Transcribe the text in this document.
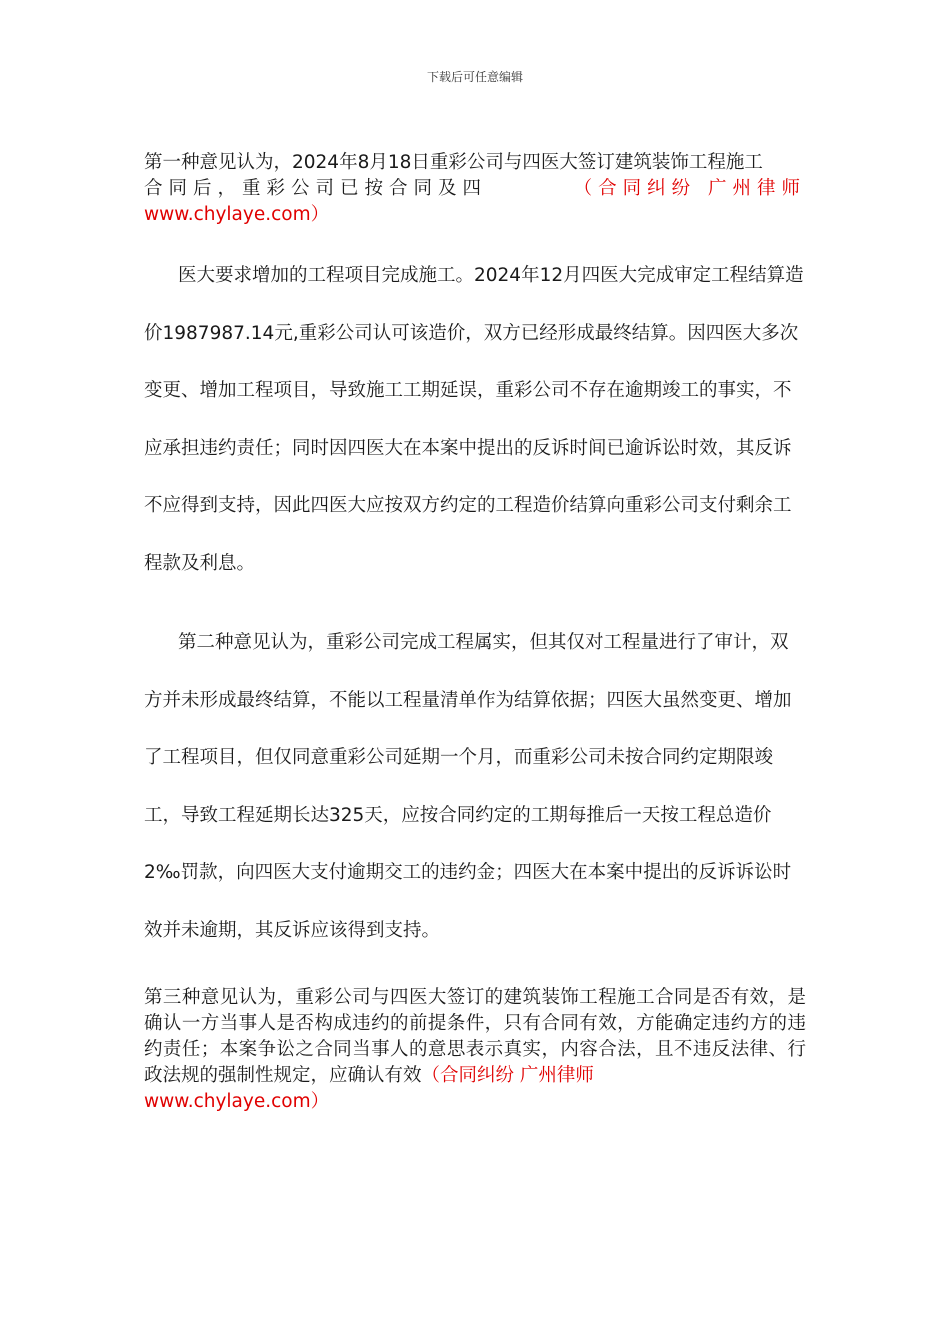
下载后可任意编辑
第一种意见认为，2024年8月18日重彩公司与四医大签订建筑装饰工程施工
合同后，重彩公司已按合同及四	（合同纠纷 广州律师
www.chylaye.com）
医大要求增加的工程项目完成施工。2024年12月四医大完成审定工程结算造价1987987.14元,重彩公司认可该造价，双方已经形成最终结算。因四医大多次变更、增加工程项目，导致施工工期延误，重彩公司不存在逾期竣工的事实，不应承担违约责任；同时因四医大在本案中提出的反诉时间已逾诉讼时效，其反诉不应得到支持，因此四医大应按双方约定的工程造价结算向重彩公司支付剩余工程款及利息。
第二种意见认为，重彩公司完成工程属实，但其仅对工程量进行了审计，双方并未形成最终结算，不能以工程量清单作为结算依据；四医大虽然变更、增加了工程项目，但仅同意重彩公司延期一个月，而重彩公司未按合同约定期限竣工，导致工程延期长达325天，应按合同约定的工期每推后一天按工程总造价2‰罚款，向四医大支付逾期交工的违约金；四医大在本案中提出的反诉诉讼时效并未逾期，其反诉应该得到支持。
第三种意见认为，重彩公司与四医大签订的建筑装饰工程施工合同是否有效，是确认一方当事人是否构成违约的前提条件，只有合同有效，方能确定违约方的违约责任；本案争讼之合同当事人的意思表示真实，内容合法，且不违反法律、行政法规的强制性规定，应确认有效（合同纠纷 广州律师
www.chylaye.com）
